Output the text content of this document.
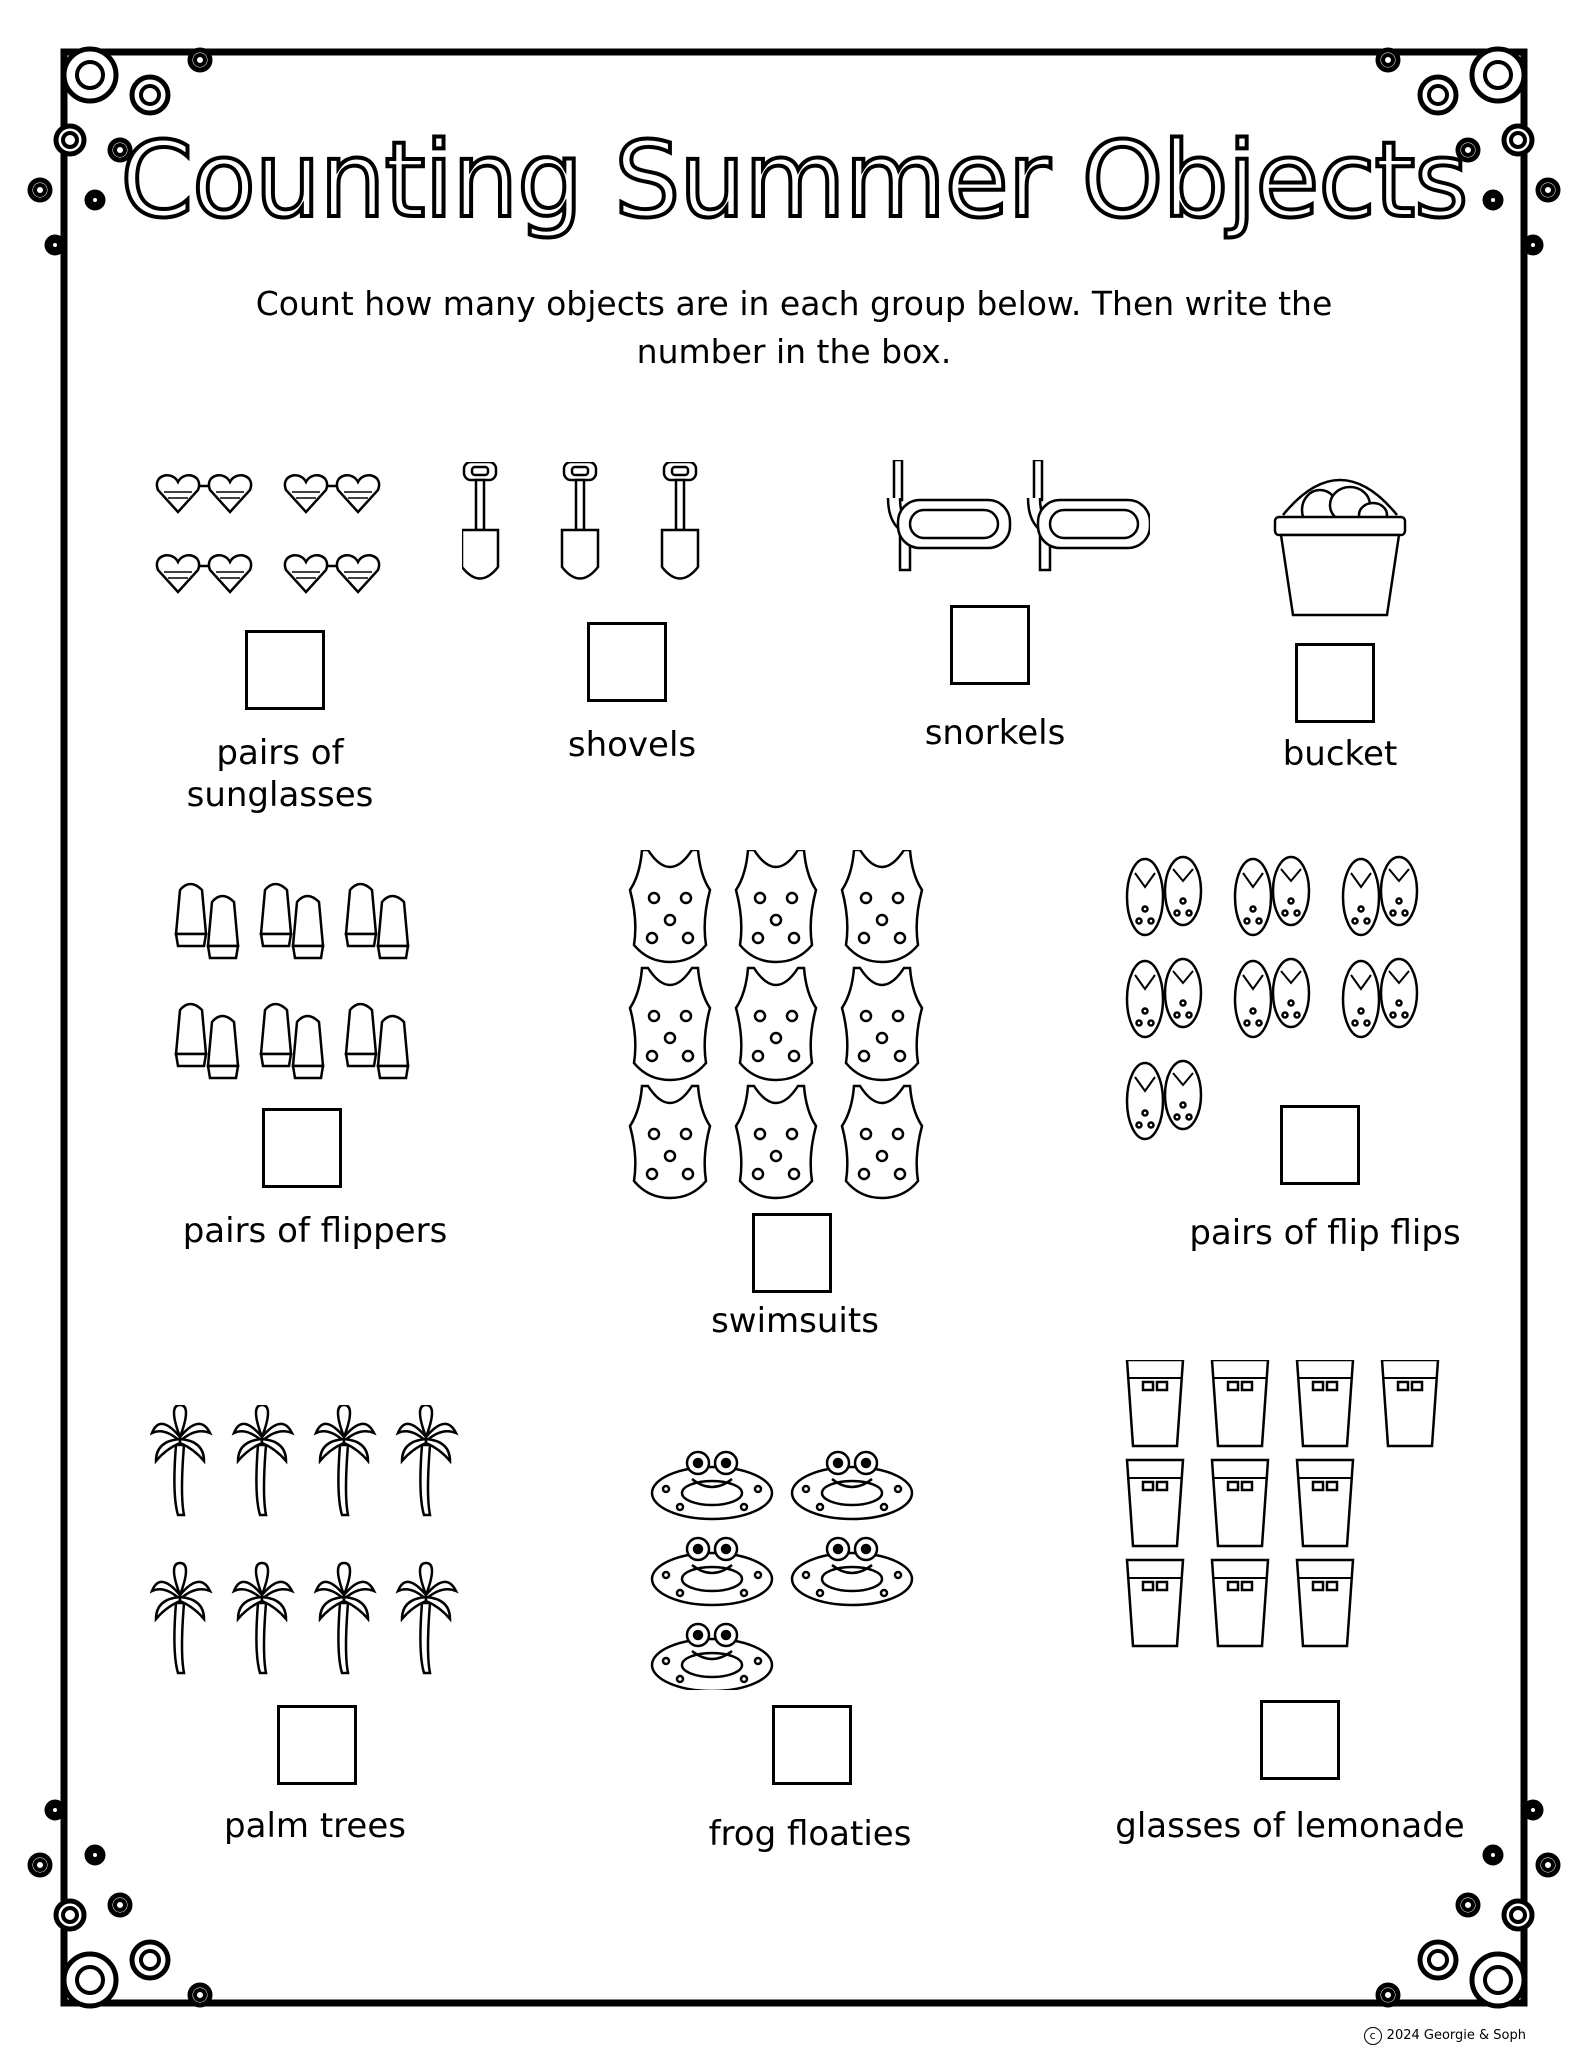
Counting Summer Objects
Count how many objects are in each group below. Then write the number in the box.
pairs of
sunglasses
shovels	snorkels
bucket
pairs of flippers
swimsuits
pairs of flip flips
palm trees	frog floaties	glasses of lemonade
c 2024 Georgie & Soph
